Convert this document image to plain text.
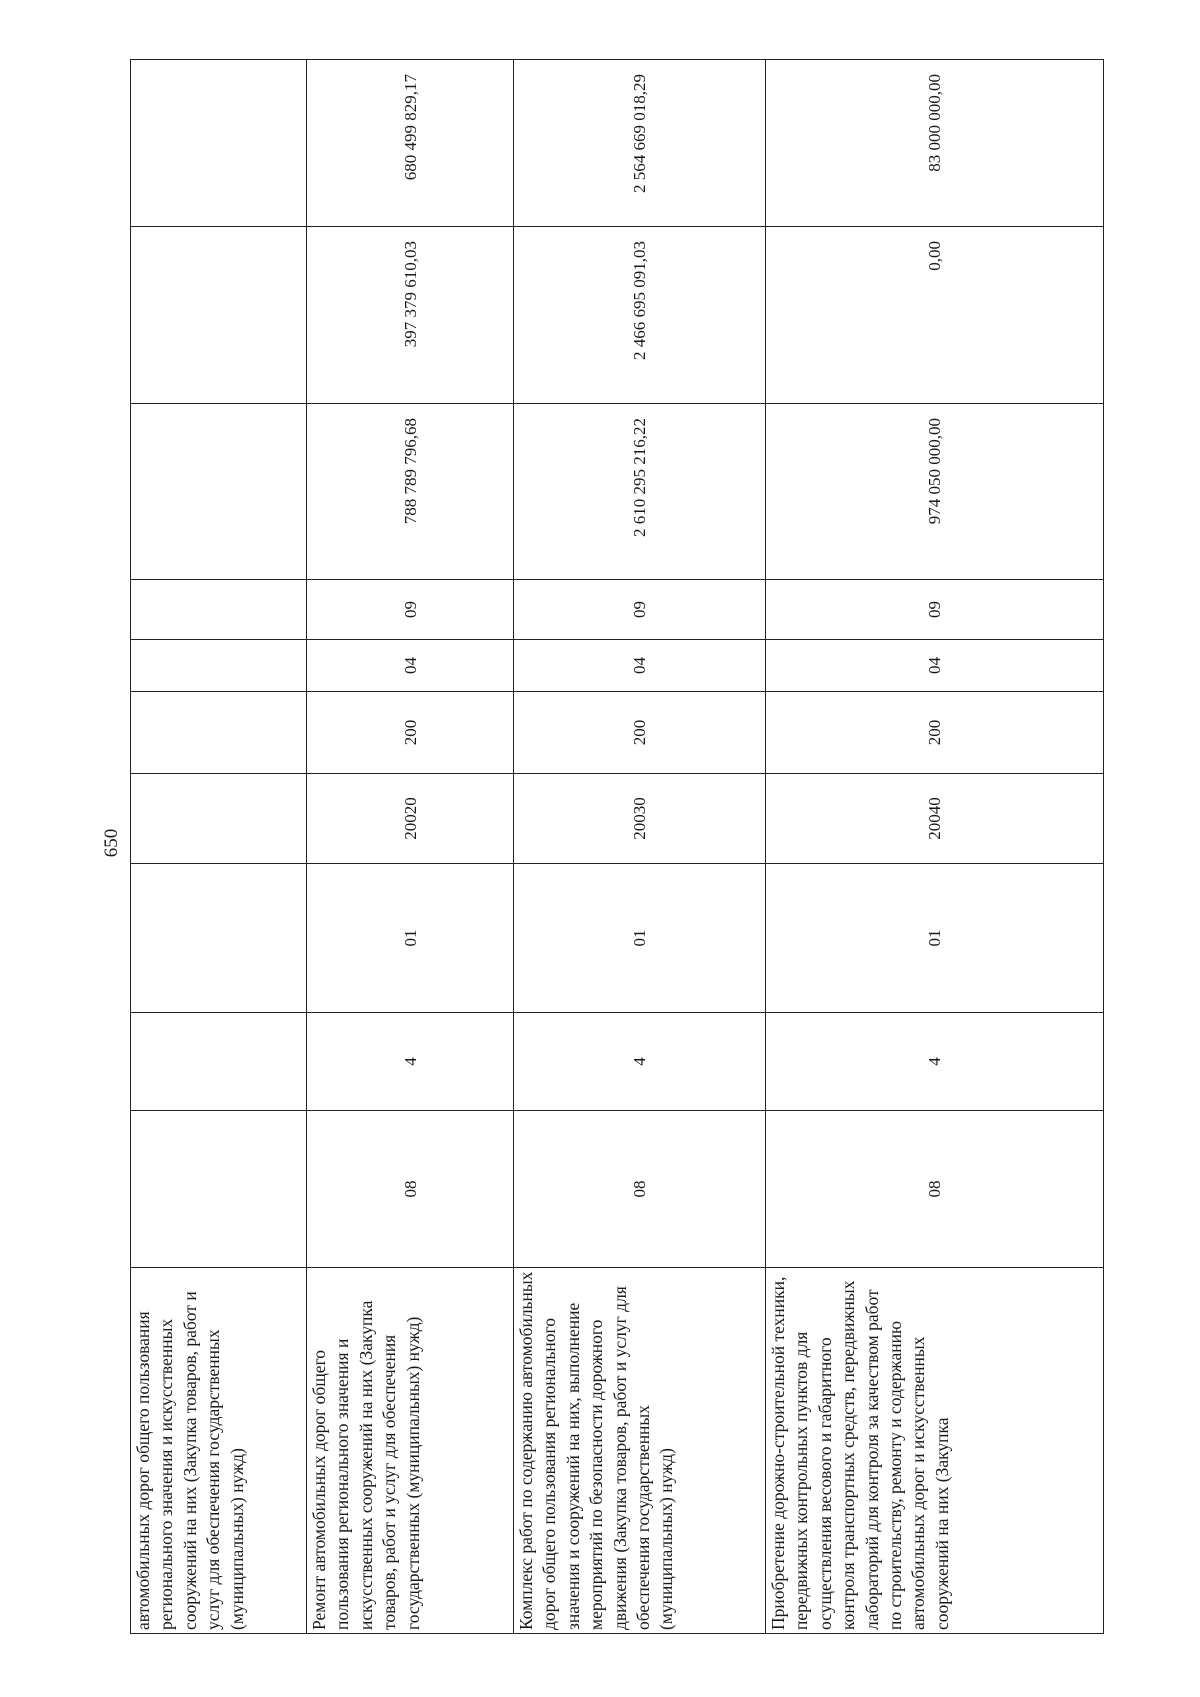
650
автомобильных дорог общего пользования регионального значения и искусственных сооружений на них (Закупка товаров, работ и услуг для обеспечения государственных (муниципальных) нужд)										
Ремонт автомобильных дорог общего пользования регионального значения и искусственных сооружений на них (Закупка товаров, работ и услуг для обеспечения государственных (муниципальных) нужд)	08	4	01	20020	200	04	09	788 789 796,68	397 379 610,03	680 499 829,17
Комплекс работ по содержанию автомобильных дорог общего пользования регионального значения и сооружений на них, выполнение мероприятий по безопасности дорожного движения (Закупка товаров, работ и услуг для обеспечения государственных (муниципальных) нужд)	08	4	01	20030	200	04	09	2 610 295 216,22	2 466 695 091,03	2 564 669 018,29
Приобретение дорожно-строительной техники, передвижных контрольных пунктов для осуществления весового и габаритного контроля транспортных средств, передвижных лабораторий для контроля за качеством работ по строительству, ремонту и содержанию автомобильных дорог и искусственных сооружений на них (Закупка	08	4	01	20040	200	04	09	974 050 000,00	0,00	83 000 000,00
